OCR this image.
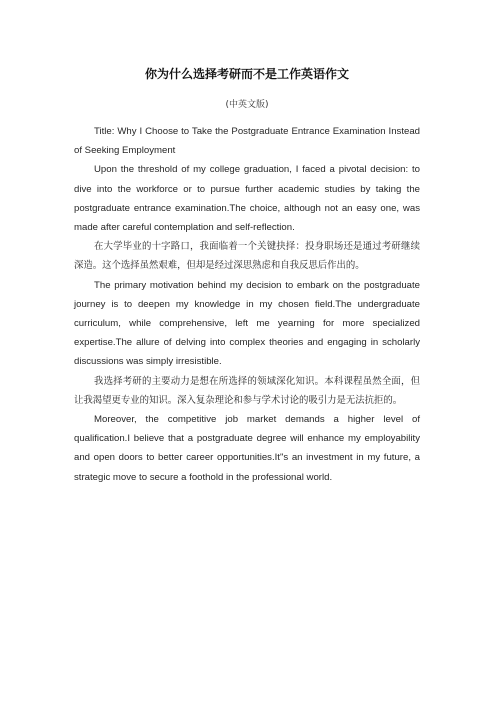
你为什么选择考研而不是工作英语作文
(中英文版)

Title: Why I Choose to Take the Postgraduate Entrance Examination Instead of Seeking Employment

Upon the threshold of my college graduation, I faced a pivotal decision: to dive into the workforce or to pursue further academic studies by taking the postgraduate entrance examination.The choice, although not an easy one, was made after careful contemplation and self-reflection.

在大学毕业的十字路口，我面临着一个关键抉择：投身职场还是通过考研继续深造。这个选择虽然艰难，但却是经过深思熟虑和自我反思后作出的。

The primary motivation behind my decision to embark on the postgraduate journey is to deepen my knowledge in my chosen field.The undergraduate curriculum, while comprehensive, left me yearning for more specialized expertise.The allure of delving into complex theories and engaging in scholarly discussions was simply irresistible.

我选择考研的主要动力是想在所选择的领域深化知识。本科课程虽然全面，但让我渴望更专业的知识。深入复杂理论和参与学术讨论的吸引力是无法抗拒的。

Moreover, the competitive job market demands a higher level of qualification.I believe that a postgraduate degree will enhance my employability and open doors to better career opportunities.It"s an investment in my future, a strategic move to secure a foothold in the professional world.
